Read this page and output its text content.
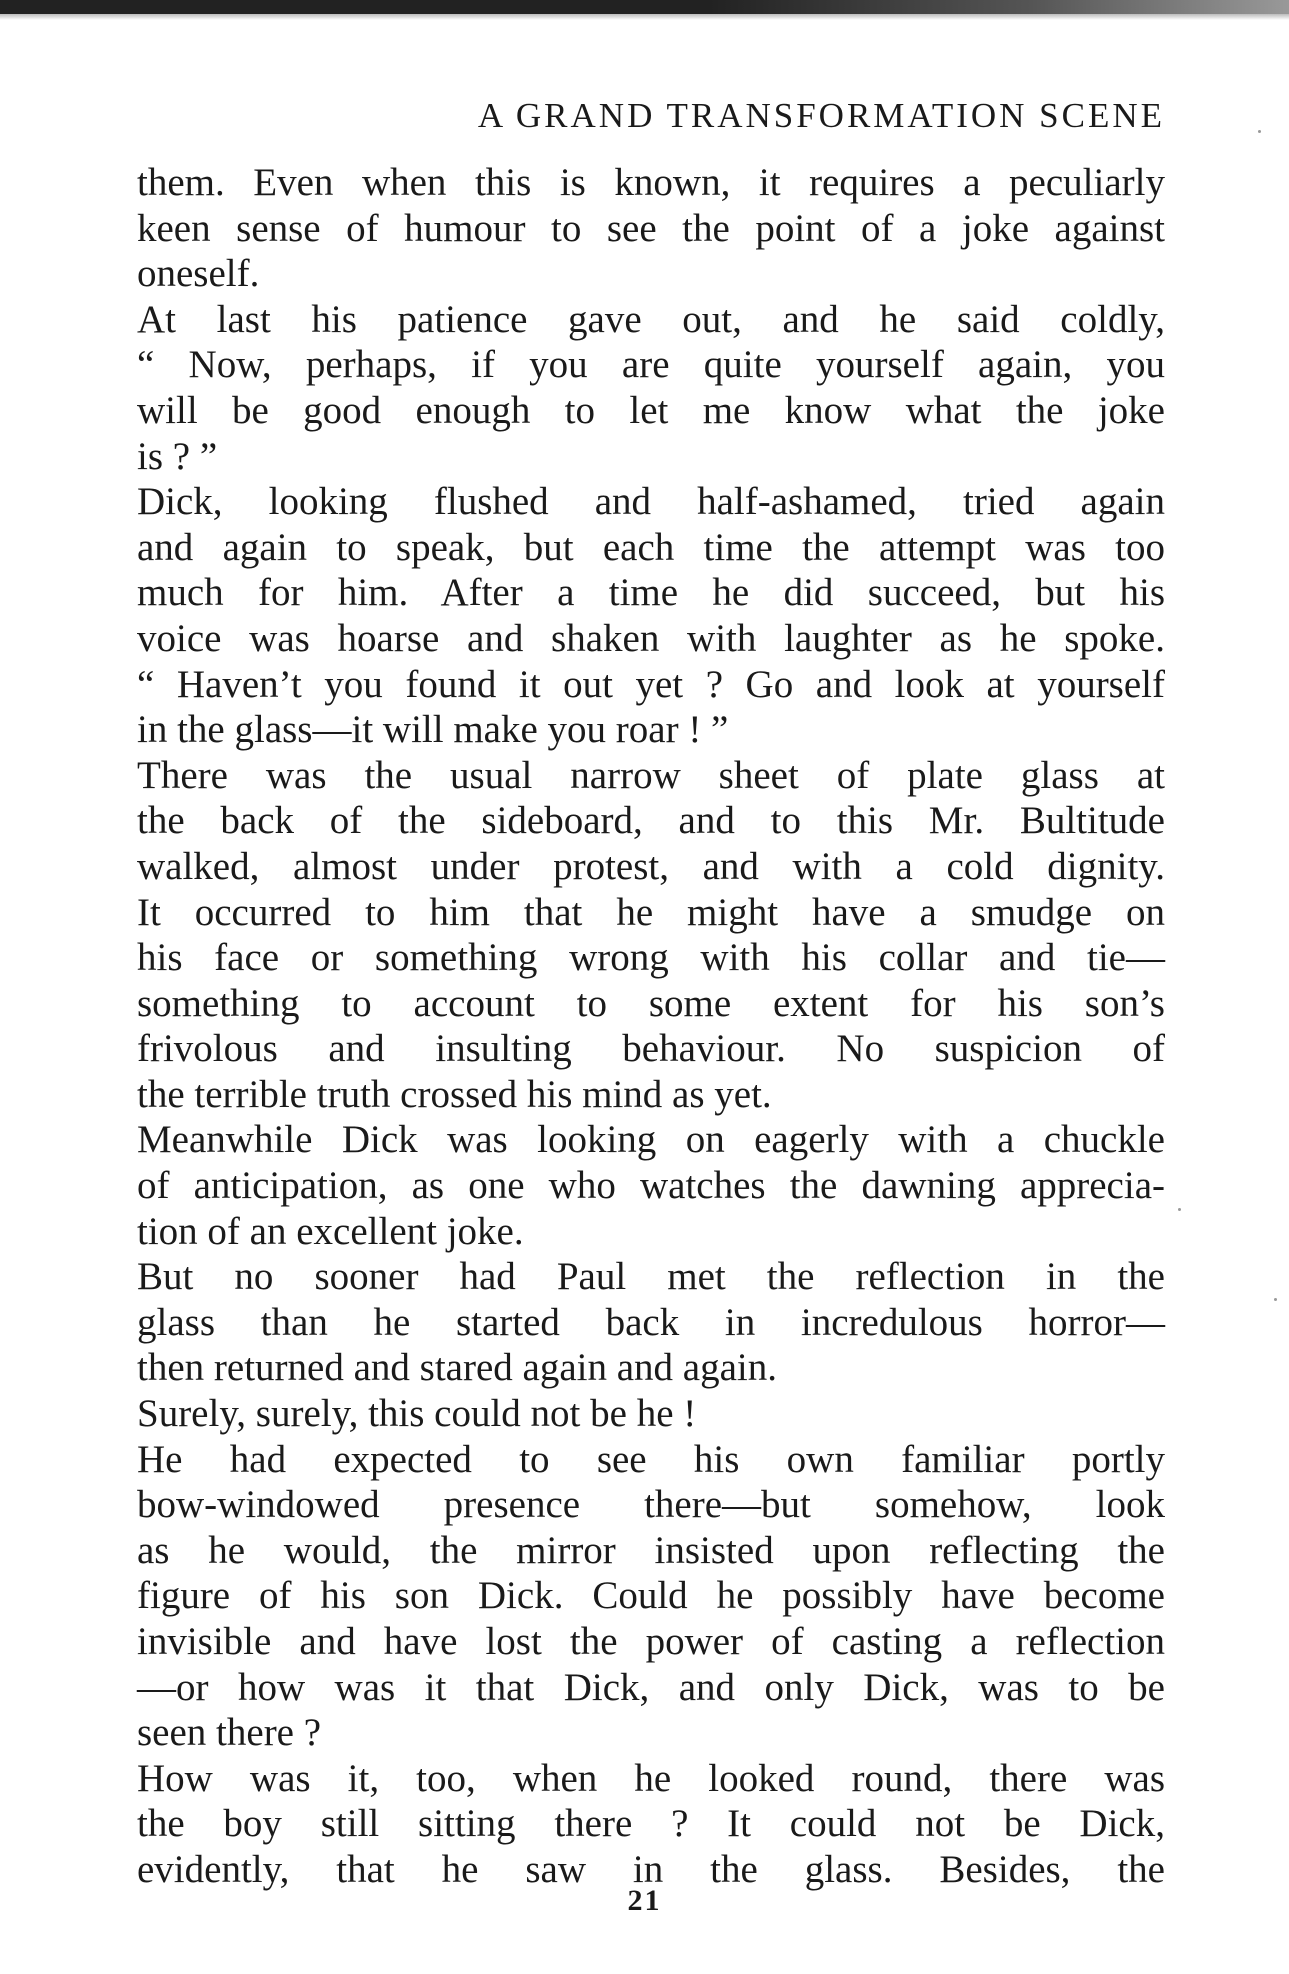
A GRAND TRANSFORMATION SCENE
them. Even when this is known, it requires a peculiarly
keen sense of humour to see the point of a joke against
oneself.
At last his patience gave out, and he said coldly,
“ Now, perhaps, if you are quite yourself again, you
will be good enough to let me know what the joke
is ? ”
Dick, looking flushed and half-ashamed, tried again
and again to speak, but each time the attempt was too
much for him. After a time he did succeed, but his
voice was hoarse and shaken with laughter as he spoke.
“ Haven’t you found it out yet ? Go and look at yourself
in the glass—it will make you roar ! ”
There was the usual narrow sheet of plate glass at
the back of the sideboard, and to this Mr. Bultitude
walked, almost under protest, and with a cold dignity.
It occurred to him that he might have a smudge on
his face or something wrong with his collar and tie—
something to account to some extent for his son’s
frivolous and insulting behaviour. No suspicion of
the terrible truth crossed his mind as yet.
Meanwhile Dick was looking on eagerly with a chuckle
of anticipation, as one who watches the dawning apprecia-
tion of an excellent joke.
But no sooner had Paul met the reflection in the
glass than he started back in incredulous horror—
then returned and stared again and again.
Surely, surely, this could not be he !
He had expected to see his own familiar portly
bow-windowed presence there—but somehow, look
as he would, the mirror insisted upon reflecting the
figure of his son Dick. Could he possibly have become
invisible and have lost the power of casting a reflection
—or how was it that Dick, and only Dick, was to be
seen there ?
How was it, too, when he looked round, there was
the boy still sitting there ? It could not be Dick,
evidently, that he saw in the glass. Besides, the
21
